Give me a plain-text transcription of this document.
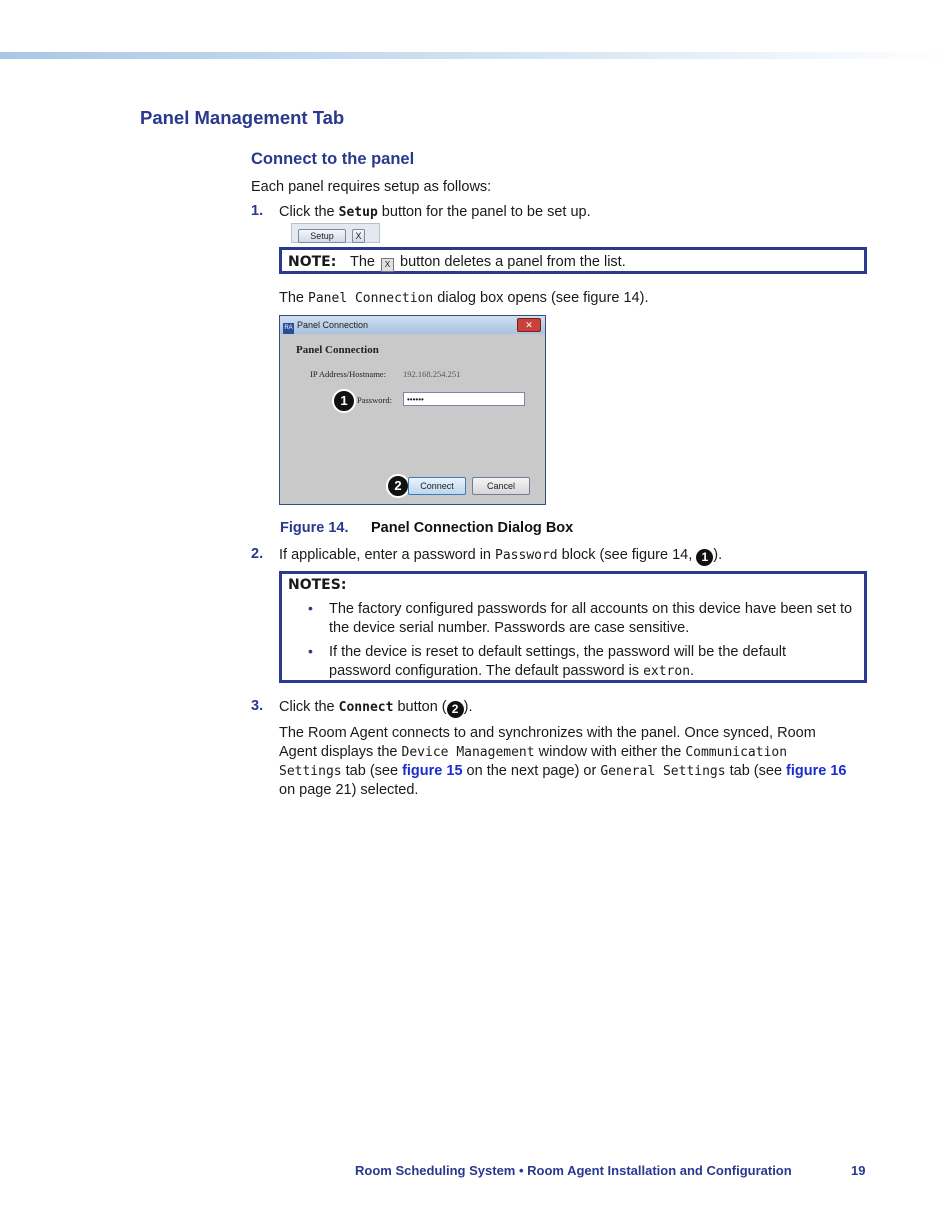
Panel Management Tab
Connect to the panel
Each panel requires setup as follows:
1. Click the Setup button for the panel to be set up.
Setup	X
NOTE: The X button deletes a panel from the list.
The Panel Connection dialog box opens (see figure 14).
RA Panel Connection	✕
Panel Connection
IP Address/Hostname: 192.168.254.251
1	Password:	••••••
2	Connect	Cancel
Figure 14. Panel Connection Dialog Box
2. If applicable, enter a password in Password block (see figure 14, 1 ).
NOTES:
• The factory configured passwords for all accounts on this device have been set to the device serial number. Passwords are case sensitive.
• If the device is reset to default settings, the password will be the default password configuration. The default password is extron.
3. Click the Connect button ( 2 ).
The Room Agent connects to and synchronizes with the panel. Once synced, Room Agent displays the Device Management window with either the Communication Settings tab (see figure 15 on the next page) or General Settings tab (see figure 16 on page 21) selected.
Room Scheduling System • Room Agent Installation and Configuration	19
